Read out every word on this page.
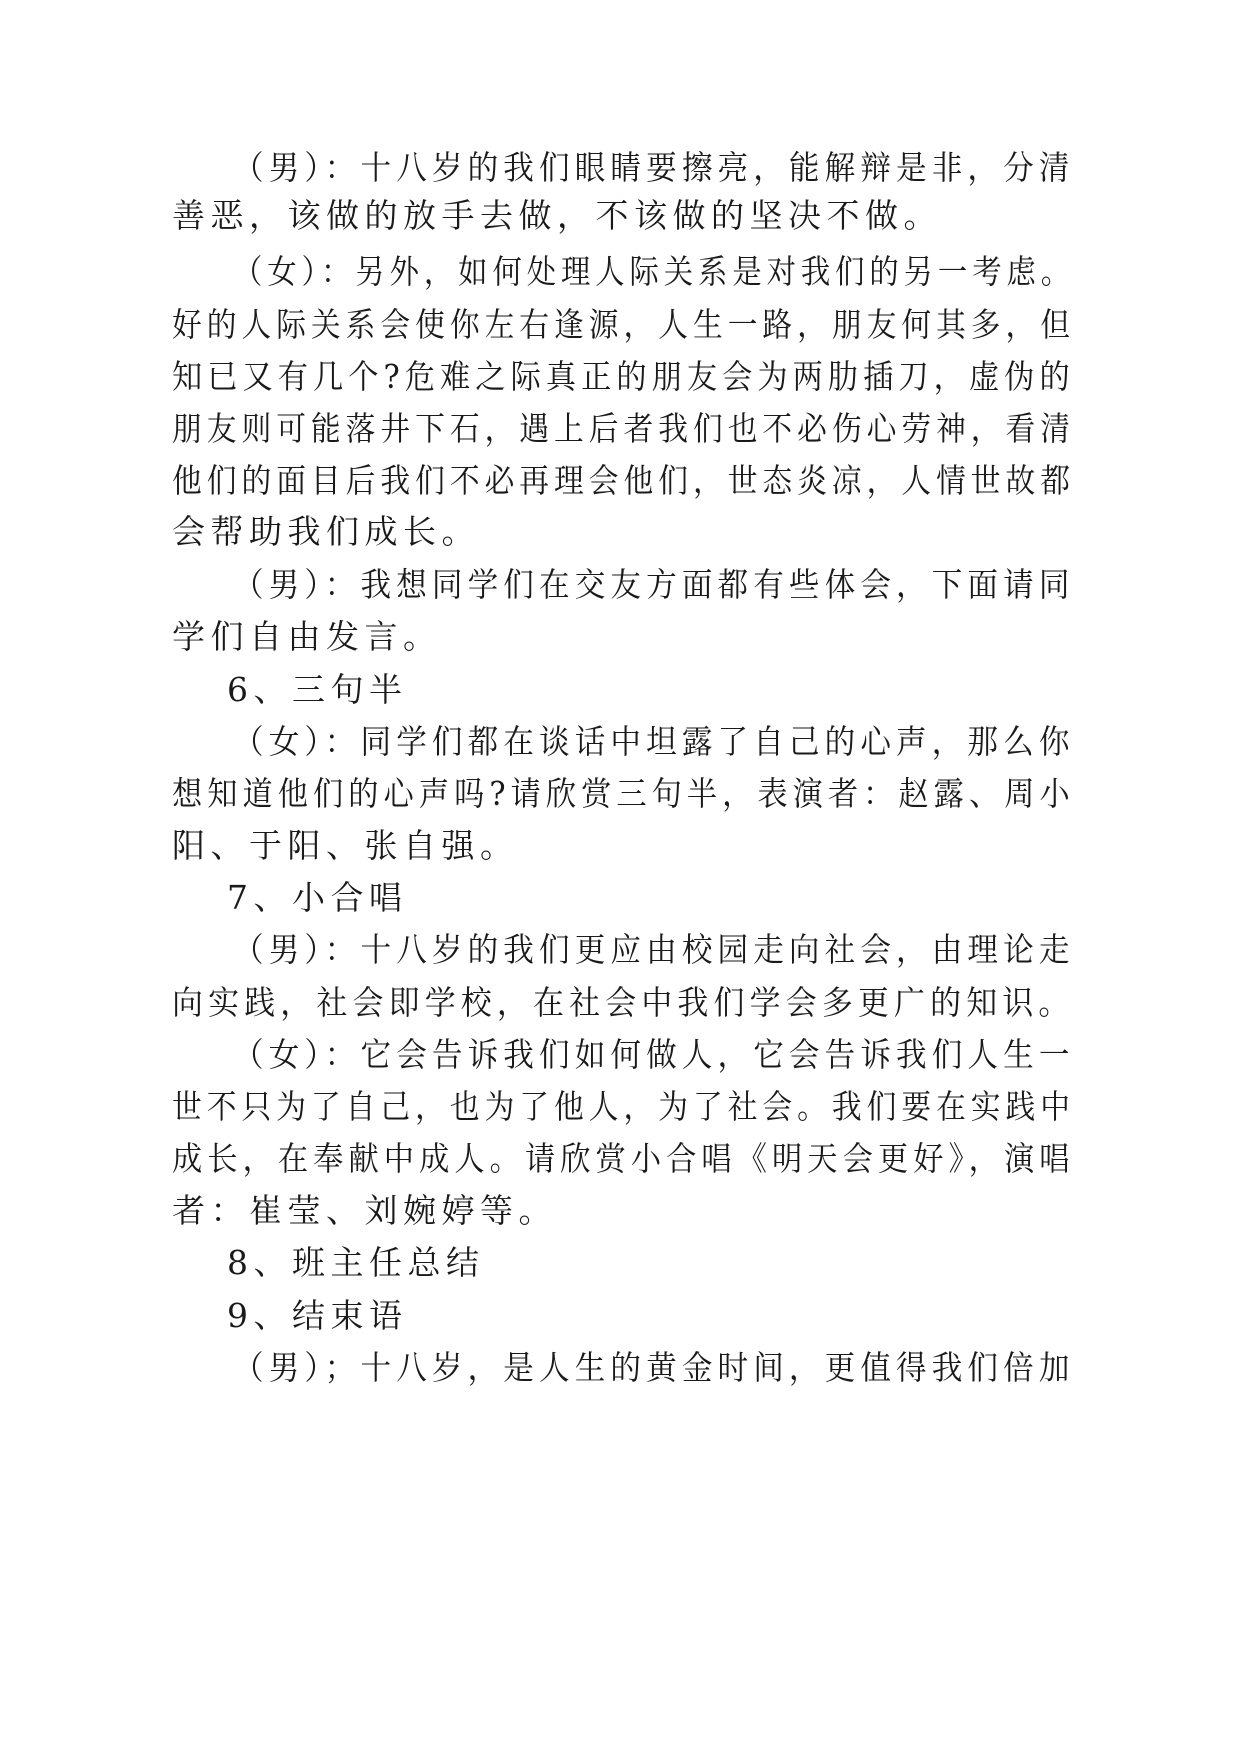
（男）：十八岁的我们眼睛要擦亮，能解辩是非，分清
善恶，该做的放手去做，不该做的坚决不做。
（女）：另外，如何处理人际关系是对我们的另一考虑。
好的人际关系会使你左右逢源，人生一路，朋友何其多，但
知已又有几个?危难之际真正的朋友会为两肋插刀，虚伪的
朋友则可能落井下石，遇上后者我们也不必伤心劳神，看清
他们的面目后我们不必再理会他们，世态炎凉，人情世故都
会帮助我们成长。
（男）：我想同学们在交友方面都有些体会，下面请同
学们自由发言。
6、三句半
（女）：同学们都在谈话中坦露了自己的心声，那么你
想知道他们的心声吗?请欣赏三句半，表演者：赵露、周小
阳、于阳、张自强。
7、小合唱
（男）：十八岁的我们更应由校园走向社会，由理论走
向实践，社会即学校，在社会中我们学会多更广的知识。
（女）：它会告诉我们如何做人，它会告诉我们人生一
世不只为了自己，也为了他人，为了社会。我们要在实践中
成长，在奉献中成人。请欣赏小合唱《明天会更好》，演唱
者：崔莹、刘婉婷等。
8、班主任总结
9、结束语
（男）；十八岁，是人生的黄金时间，更值得我们倍加
